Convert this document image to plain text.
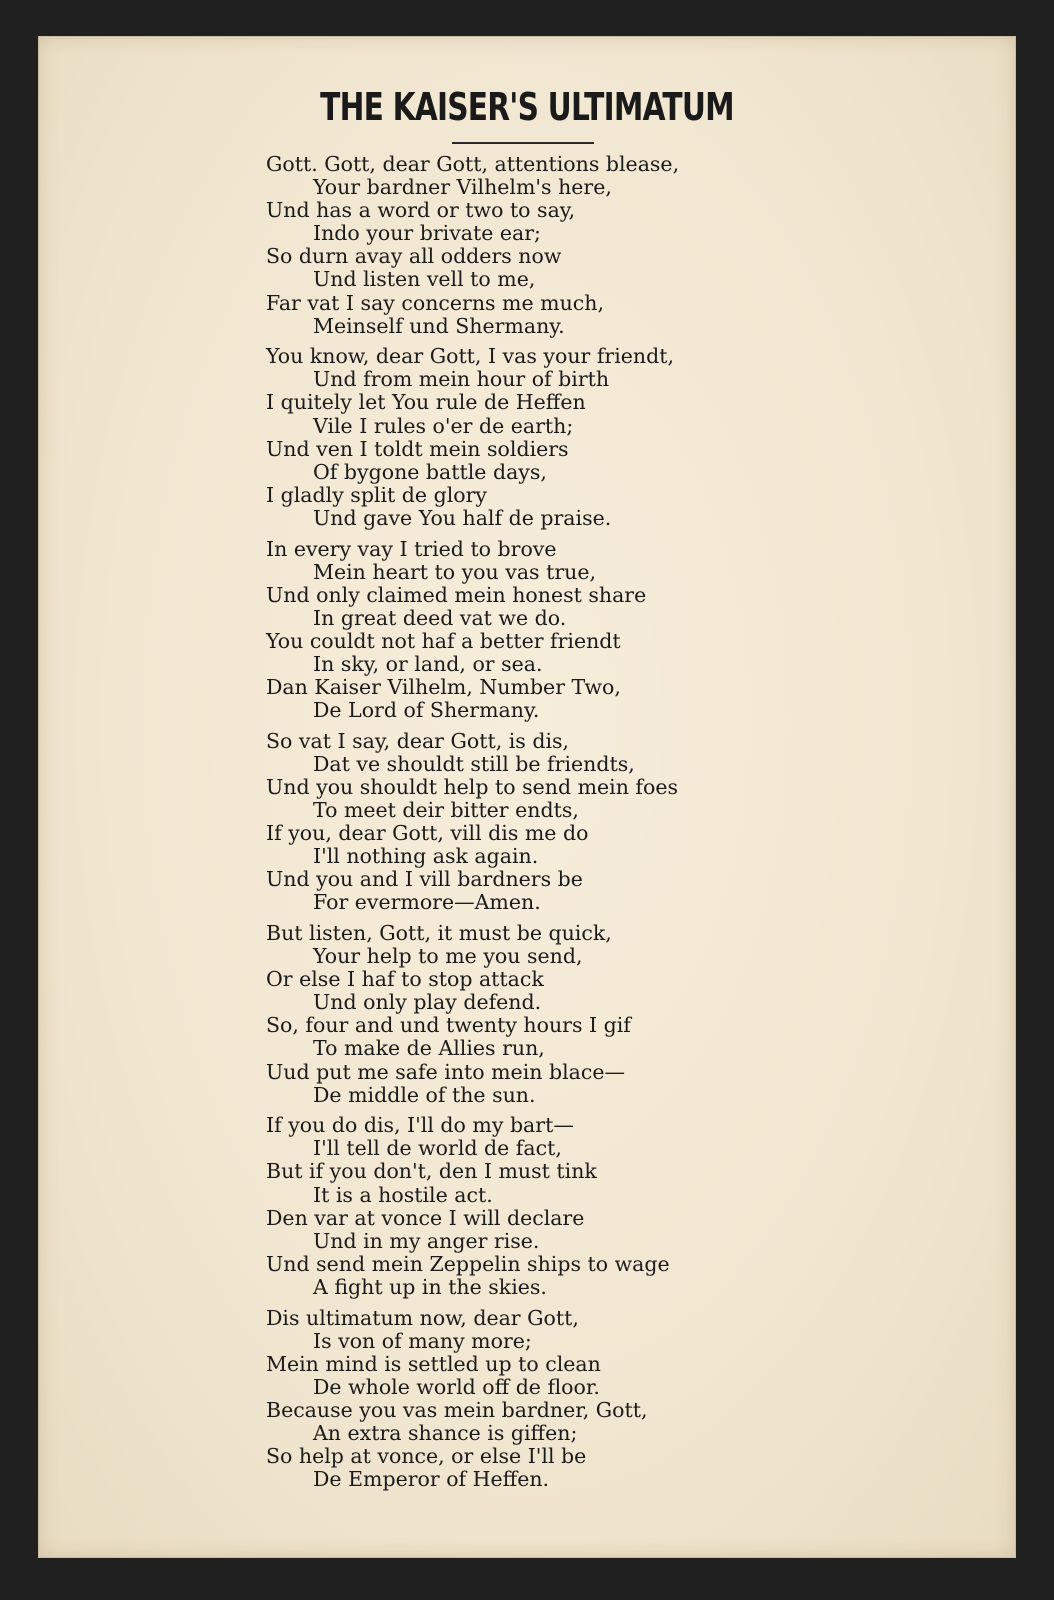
THE KAISER'S ULTIMATUM
Gott. Gott, dear Gott, attentions blease,
Your bardner Vilhelm's here,
Und has a word or two to say,
Indo your brivate ear;
So durn avay all odders now
Und listen vell to me,
Far vat I say concerns me much,
Meinself und Shermany.
You know, dear Gott, I vas your friendt,
Und from mein hour of birth
I quitely let You rule de Heffen
Vile I rules o'er de earth;
Und ven I toldt mein soldiers
Of bygone battle days,
I gladly split de glory
Und gave You half de praise.
In every vay I tried to brove
Mein heart to you vas true,
Und only claimed mein honest share
In great deed vat we do.
You couldt not haf a better friendt
In sky, or land, or sea.
Dan Kaiser Vilhelm, Number Two,
De Lord of Shermany.
So vat I say, dear Gott, is dis,
Dat ve shouldt still be friendts,
Und you shouldt help to send mein foes
To meet deir bitter endts,
If you, dear Gott, vill dis me do
I'll nothing ask again.
Und you and I vill bardners be
For evermore—Amen.
But listen, Gott, it must be quick,
Your help to me you send,
Or else I haf to stop attack
Und only play defend.
So, four and und twenty hours I gif
To make de Allies run,
Uud put me safe into mein blace—
De middle of the sun.
If you do dis, I'll do my bart—
I'll tell de world de fact,
But if you don't, den I must tink
It is a hostile act.
Den var at vonce I will declare
Und in my anger rise.
Und send mein Zeppelin ships to wage
A fight up in the skies.
Dis ultimatum now, dear Gott,
Is von of many more;
Mein mind is settled up to clean
De whole world off de floor.
Because you vas mein bardner, Gott,
An extra shance is giffen;
So help at vonce, or else I'll be
De Emperor of Heffen.
